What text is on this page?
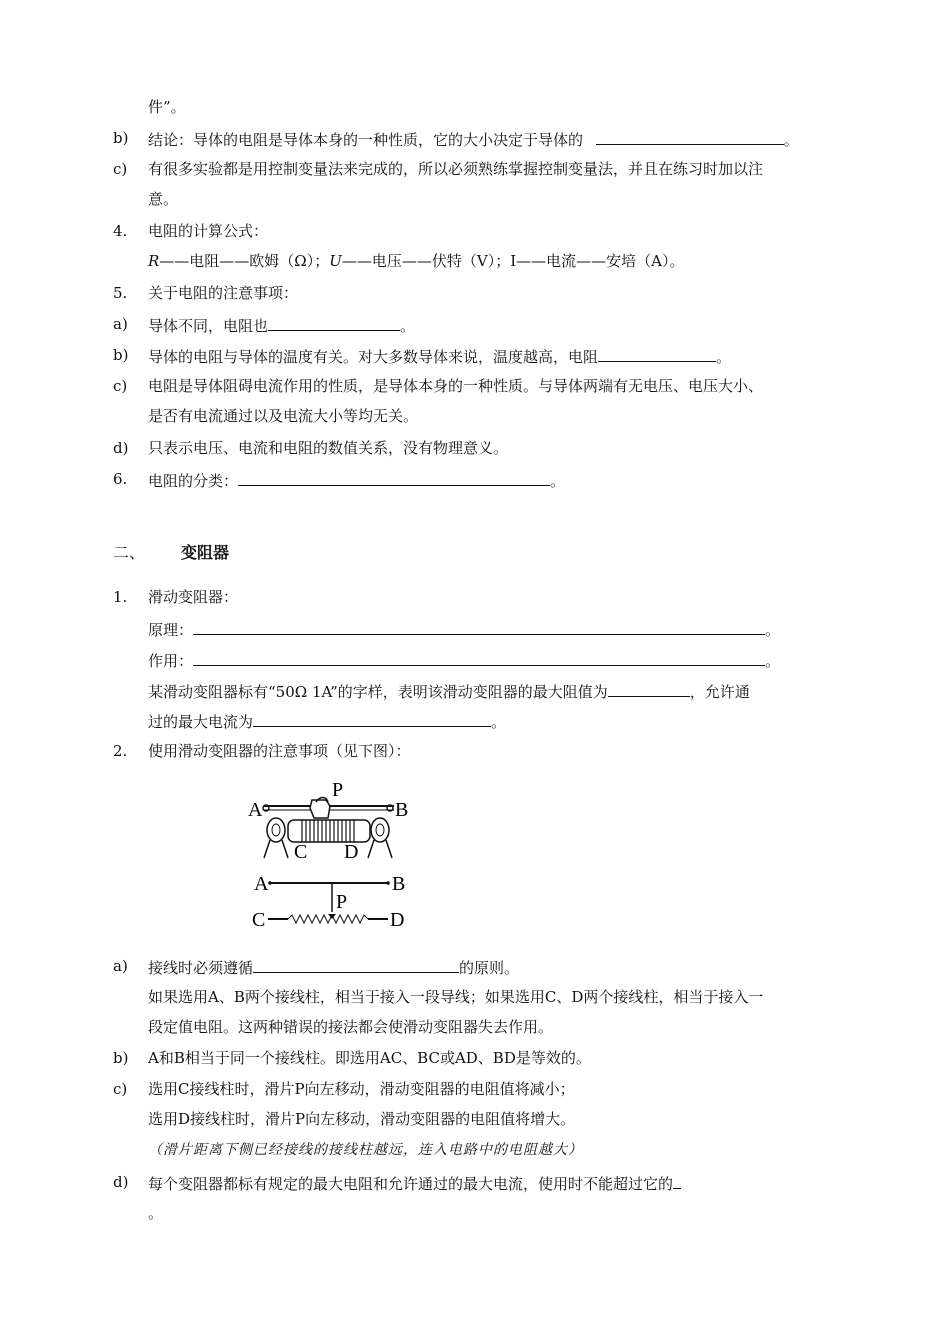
件”。
b) 结论：导体的电阻是导体本身的一种性质，它的大小决定于导体的	。
c) 有很多实验都是用控制变量法来完成的，所以必须熟练掌握控制变量法，并且在练习时加以注
意。
4. 电阻的计算公式：
R——电阻——欧姆（Ω）；U——电压——伏特（V）；I——电流——安培（A）。
5. 关于电阻的注意事项：
a) 导体不同，电阻也	。
b) 导体的电阻与导体的温度有关。对大多数导体来说，温度越高，电阻	。
c) 电阻是导体阻碍电流作用的性质，是导体本身的一种性质。与导体两端有无电压、电压大小、
是否有电流通过以及电流大小等均无关。
d) 只表示电压、电流和电阻的数值关系，没有物理意义。
6. 电阻的分类：	。
二、 变阻器
1. 滑动变阻器：
原理：	。
作用：	。
某滑动变阻器标有“50Ω 1A”的字样，表明该滑动变阻器的最大阻值为	，允许通
过的最大电流为	。
2. 使用滑动变阻器的注意事项（见下图）：
A
P
B
C D
A	B
P
C	D
a) 接线时必须遵循	的原则。
如果选用A、B两个接线柱，相当于接入一段导线；如果选用C、D两个接线柱，相当于接入一
段定值电阻。这两种错误的接法都会使滑动变阻器失去作用。
b) A和B相当于同一个接线柱。即选用AC、BC或AD、BD是等效的。
c) 选用C接线柱时，滑片P向左移动，滑动变阻器的电阻值将减小；
选用D接线柱时，滑片P向左移动，滑动变阻器的电阻值将增大。
（滑片距离下侧已经接线的接线柱越远，连入电路中的电阻越大）
d) 每个变阻器都标有规定的最大电阻和允许通过的最大电流，使用时不能超过它的
。
